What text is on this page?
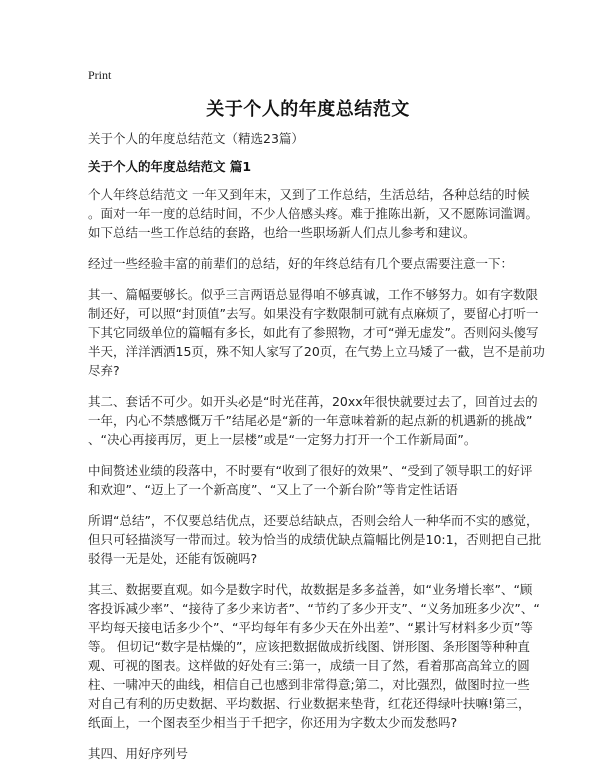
Print
关于个人的年度总结范文
关于个人的年度总结范文（精选23篇）
关于个人的年度总结范文 篇1

个人年终总结范文 一年又到年末，又到了工作总结，生活总结，各种总结的时候
。面对一年一度的总结时间，不少人倍感头疼。难于推陈出新，又不愿陈词滥调。
如下总结一些工作总结的套路，也给一些职场新人们点儿参考和建议。

经过一些经验丰富的前辈们的总结，好的年终总结有几个要点需要注意一下：

其一、篇幅要够长。似乎三言两语总显得咱不够真诚，工作不够努力。如有字数限
制还好，可以照“封顶值”去写。如果没有字数限制可就有点麻烦了，要留心打听一
下其它同级单位的篇幅有多长，如此有了参照物，才可“弹无虚发”。否则闷头傻写
半天，洋洋洒洒15页，殊不知人家写了20页，在气势上立马矮了一截，岂不是前功
尽弃?

其二、套话不可少。如开头必是“时光荏苒，20xx年很快就要过去了，回首过去的
一年，内心不禁感慨万千”结尾必是“新的一年意味着新的起点新的机遇新的挑战”
、“决心再接再厉，更上一层楼”或是“一定努力打开一个工作新局面”。

中间赘述业绩的段落中，不时要有“收到了很好的效果”、“受到了领导职工的好评
和欢迎”、“迈上了一个新高度”、“又上了一个新台阶”等肯定性话语

所谓“总结”，不仅要总结优点，还要总结缺点，否则会给人一种华而不实的感觉，
但只可轻描淡写一带而过。较为恰当的成绩优缺点篇幅比例是10:1，否则把自己批
驳得一无是处，还能有饭碗吗?

其三、数据要直观。如今是数字时代，故数据是多多益善，如“业务增长率”、“顾
客投诉减少率”、“接待了多少来访者”、“节约了多少开支”、“义务加班多少次”、“
平均每天接电话多少个”、“平均每年有多少天在外出差”、“累计写材料多少页”等
等。 但切记“数字是枯燥的”，应该把数据做成折线图、饼形图、条形图等种种直
观、可视的图表。这样做的好处有三:第一，成绩一目了然，看着那高高耸立的圆
柱、一啸冲天的曲线，相信自己也感到非常得意;第二，对比强烈，做图时拉一些
对自己有利的历史数据、平均数据、行业数据来垫背，红花还得绿叶扶嘛!第三，
纸面上，一个图表至少相当于千把字，你还用为字数太少而发愁吗?

其四、用好序列号
